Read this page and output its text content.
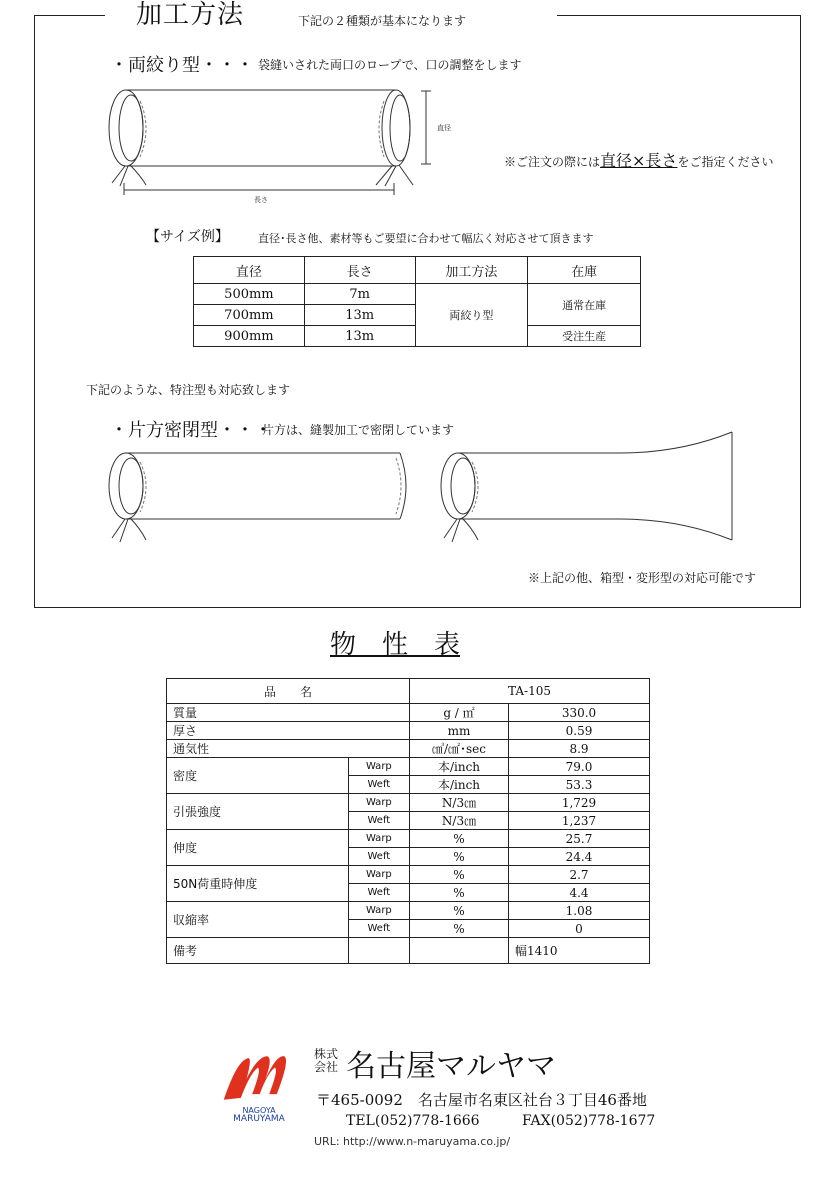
加工方法	下記の２種類が基本になります
・両絞り型・・・ 袋縫いされた両口のロープで、口の調整をします
直径
長さ
※ご注文の際には直径×長さをご指定ください
【サイズ例】	直径･長さ他、素材等もご要望に合わせて幅広く対応させて頂きます
直径	長さ	加工方法	在庫
500mm	7m	両絞り型	通常在庫
700mm	13m		
900mm	13m		受注生産
下記のような、特注型も対応致します
・片方密閉型・・・
片方は、縫製加工で密閉しています
※上記の他、箱型・変形型の対応可能です
物　性　表
品　　名		TA-105	
質量		g / ㎡	330.0
厚さ		mm	0.59
通気性		㎤/㎠･sec	8.9
密度	Warp	本/inch	79.0
	Weft	本/inch	53.3
引張強度	Warp	N/3㎝	1,729
	Weft	N/3㎝	1,237
伸度	Warp	%	25.7
	Weft	%	24.4
50N荷重時伸度	Warp	%	2.7
	Weft	%	4.4
収縮率	Warp	%	1.08
	Weft	%	0
備考			幅1410
NAGOYA
MARUYAMA
株式
会社 名古屋マルヤマ
〒465-0092　名古屋市名東区社台３丁目46番地
TEL(052)778-1666	FAX(052)778-1677
URL: http://www.n-maruyama.co.jp/
